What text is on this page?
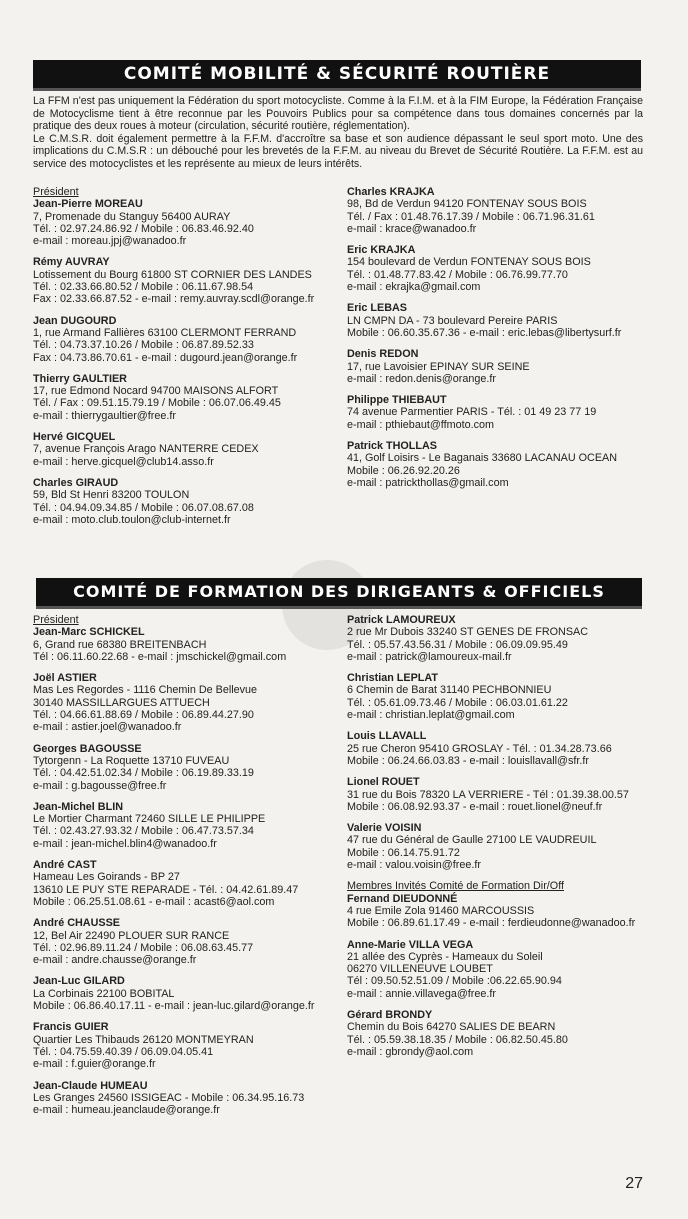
COMITÉ MOBILITÉ & SÉCURITÉ ROUTIÈRE

La FFM n'est pas uniquement la Fédération du sport motocycliste. Comme à la F.I.M. et à la FIM Europe, la Fédération Française de Motocyclisme tient à être reconnue par les Pouvoirs Publics pour sa compétence dans tous domaines concernés par la pratique des deux roues à moteur (circulation, sécurité routière, réglementation).

Le C.M.S.R. doit également permettre à la F.F.M. d'accroître sa base et son audience dépassant le seul sport moto. Une des implications du C.M.S.R : un débouché pour les brevetés de la F.F.M. au niveau du Brevet de Sécurité Routière. La F.F.M. est au service des motocyclistes et les représente au mieux de leurs intérêts.

Président
Jean-Pierre MOREAU
7, Promenade du Stanguy 56400 AURAY
Tél. : 02.97.24.86.92 / Mobile : 06.83.46.92.40
e-mail : moreau.jpj@wanadoo.fr
Rémy AUVRAY
Lotissement du Bourg 61800 ST CORNIER DES LANDES
Tél. : 02.33.66.80.52 / Mobile : 06.11.67.98.54
Fax : 02.33.66.87.52 - e-mail : remy.auvray.scdl@orange.fr
Jean DUGOURD
1, rue Armand Fallières 63100 CLERMONT FERRAND
Tél. : 04.73.37.10.26 / Mobile : 06.87.89.52.33
Fax : 04.73.86.70.61 - e-mail : dugourd.jean@orange.fr
Thierry GAULTIER
17, rue Edmond Nocard 94700 MAISONS ALFORT
Tél. / Fax : 09.51.15.79.19 / Mobile : 06.07.06.49.45
e-mail : thierrygaultier@free.fr
Hervé GICQUEL
7, avenue François Arago NANTERRE CEDEX
e-mail : herve.gicquel@club14.asso.fr
Charles GIRAUD
59, Bld St Henri 83200 TOULON
Tél. : 04.94.09.34.85 / Mobile : 06.07.08.67.08
e-mail : moto.club.toulon@club-internet.fr
Charles KRAJKA
98, Bd de Verdun 94120 FONTENAY SOUS BOIS
Tél. / Fax : 01.48.76.17.39 / Mobile : 06.71.96.31.61
e-mail : krace@wanadoo.fr
Eric KRAJKA
154 boulevard de Verdun FONTENAY SOUS BOIS
Tél. : 01.48.77.83.42 / Mobile : 06.76.99.77.70
e-mail : ekrajka@gmail.com
Eric LEBAS
LN CMPN DA - 73 boulevard Pereire PARIS
Mobile : 06.60.35.67.36 - e-mail : eric.lebas@libertysurf.fr
Denis REDON
17, rue Lavoisier EPINAY SUR SEINE
e-mail : redon.denis@orange.fr
Philippe THIEBAUT
74 avenue Parmentier PARIS - Tél. : 01 49 23 77 19
e-mail : pthiebaut@ffmoto.com
Patrick THOLLAS
41, Golf Loisirs - Le Baganais 33680 LACANAU OCEAN
Mobile : 06.26.92.20.26
e-mail : patrickthollas@gmail.com
COMITÉ DE FORMATION DES DIRIGEANTS & OFFICIELS
Président
Jean-Marc SCHICKEL
6, Grand rue 68380 BREITENBACH
Tél : 06.11.60.22.68 - e-mail : jmschickel@gmail.com
Joël ASTIER
Mas Les Regordes - 1116 Chemin De Bellevue
30140 MASSILLARGUES ATTUECH
Tél. : 04.66.61.88.69 / Mobile : 06.89.44.27.90
e-mail : astier.joel@wanadoo.fr
Georges BAGOUSSE
Tytorgenn - La Roquette 13710 FUVEAU
Tél. : 04.42.51.02.34 / Mobile : 06.19.89.33.19
e-mail : g.bagousse@free.fr
Jean-Michel BLIN
Le Mortier Charmant 72460 SILLE LE PHILIPPE
Tél. : 02.43.27.93.32 / Mobile : 06.47.73.57.34
e-mail : jean-michel.blin4@wanadoo.fr
André CAST
Hameau Les Goirands - BP 27
13610 LE PUY STE REPARADE - Tél. : 04.42.61.89.47
Mobile : 06.25.51.08.61 - e-mail : acast6@aol.com
André CHAUSSE
12, Bel Air 22490 PLOUER SUR RANCE
Tél. : 02.96.89.11.24 / Mobile : 06.08.63.45.77
e-mail : andre.chausse@orange.fr
Jean-Luc GILARD
La Corbinais 22100 BOBITAL
Mobile : 06.86.40.17.11 - e-mail : jean-luc.gilard@orange.fr
Francis GUIER
Quartier Les Thibauds 26120 MONTMEYRAN
Tél. : 04.75.59.40.39 / 06.09.04.05.41
e-mail : f.guier@orange.fr
Jean-Claude HUMEAU
Les Granges 24560 ISSIGEAC - Mobile : 06.34.95.16.73
e-mail : humeau.jeanclaude@orange.fr
Patrick LAMOUREUX
2 rue Mr Dubois 33240 ST GENES DE FRONSAC
Tél. : 05.57.43.56.31 / Mobile : 06.09.09.95.49
e-mail : patrick@lamoureux-mail.fr
Christian LEPLAT
6 Chemin de Barat 31140 PECHBONNIEU
Tél. : 05.61.09.73.46 / Mobile : 06.03.01.61.22
e-mail : christian.leplat@gmail.com
Louis LLAVALL
25 rue Cheron 95410 GROSLAY - Tél. : 01.34.28.73.66
Mobile : 06.24.66.03.83 - e-mail : louisllavall@sfr.fr
Lionel ROUET
31 rue du Bois 78320 LA VERRIERE - Tél : 01.39.38.00.57
Mobile : 06.08.92.93.37 - e-mail : rouet.lionel@neuf.fr
Valerie VOISIN
47 rue du Général de Gaulle 27100 LE VAUDREUIL
Mobile : 06.14.75.91.72
e-mail : valou.voisin@free.fr
Membres Invités Comité de Formation Dir/Off
Fernand DIEUDONNÉ
4 rue Emile Zola 91460 MARCOUSSIS
Mobile : 06.89.61.17.49 - e-mail : ferdieudonne@wanadoo.fr
Anne-Marie VILLA VEGA
21 allée des Cyprès - Hameaux du Soleil
06270 VILLENEUVE LOUBET
Tél : 09.50.52.51.09 / Mobile :06.22.65.90.94
e-mail : annie.villavega@free.fr
Gérard BRONDY
Chemin du Bois 64270 SALIES DE BEARN
Tél. : 05.59.38.18.35 / Mobile : 06.82.50.45.80
e-mail : gbrondy@aol.com
27
